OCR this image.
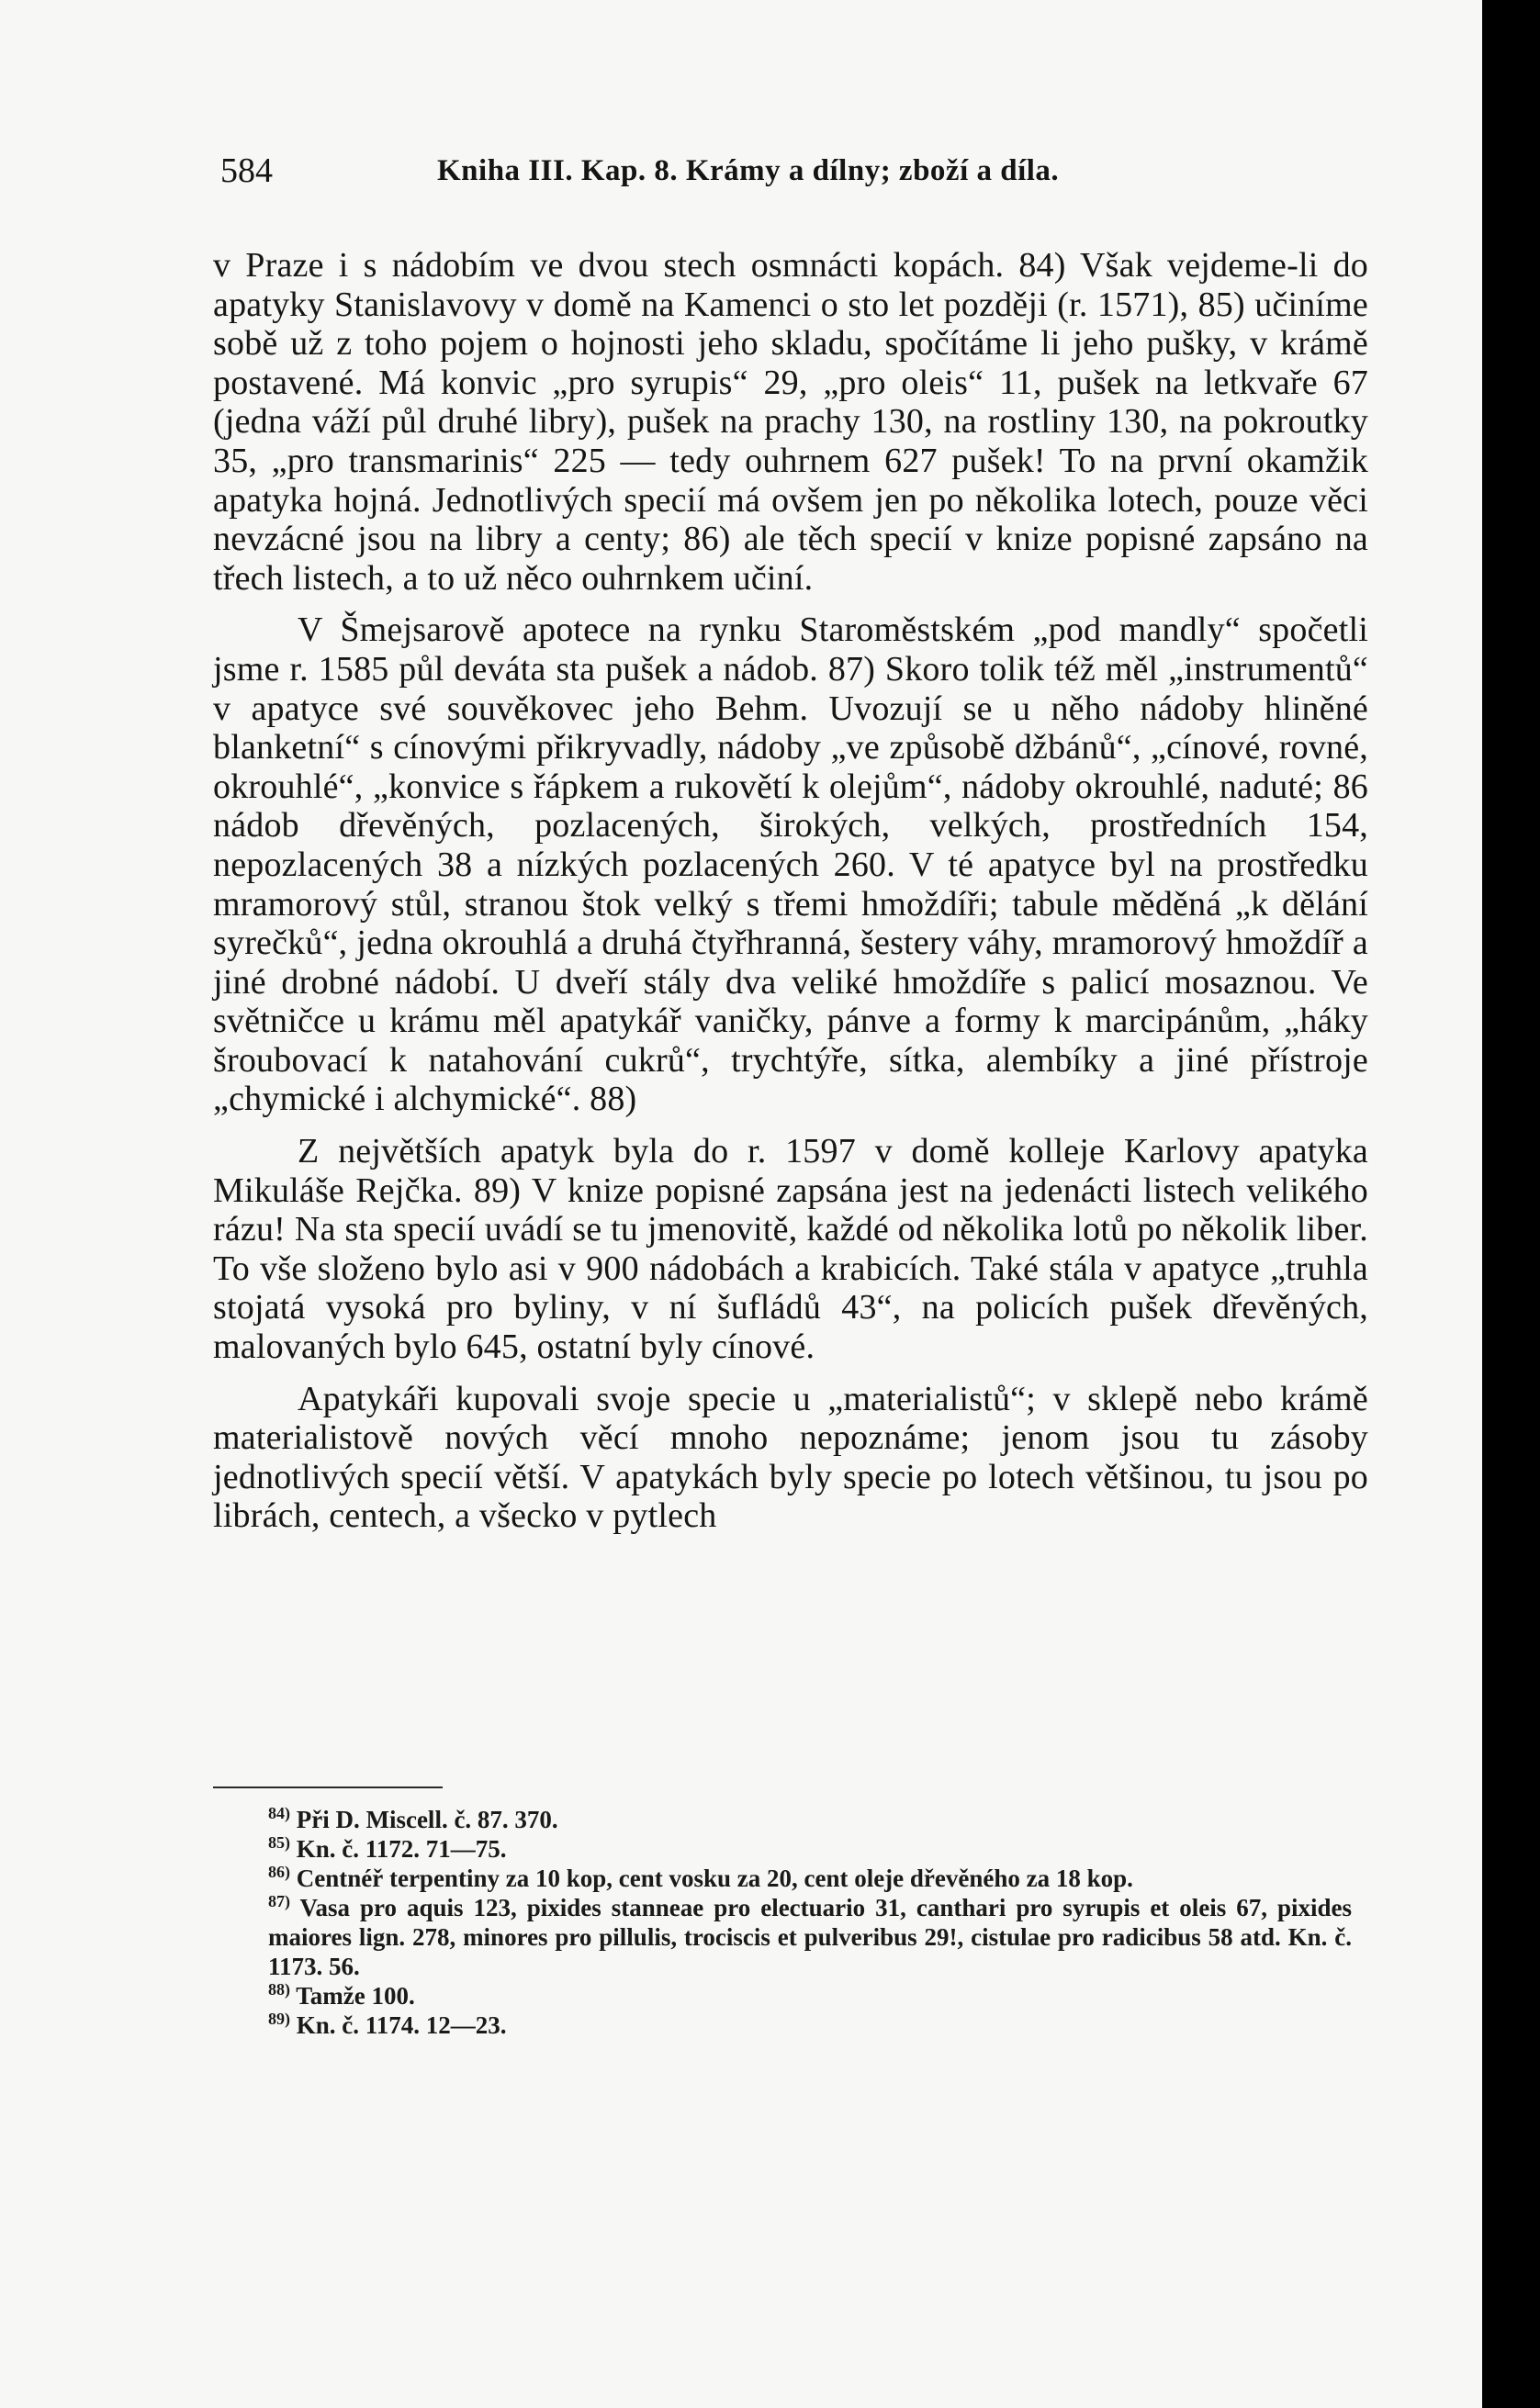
584	Kniha III. Kap. 8. Krámy a dílny; zboží a díla.

v Praze i s nádobím ve dvou stech osmnácti kopách. 84) Však vejdeme-li do apatyky Stanislavovy v domě na Kamenci o sto let později (r. 1571), 85) učiníme sobě už z toho pojem o hojnosti jeho skladu, spočítáme li jeho pušky, v krámě postavené. Má konvic „pro syrupis“ 29, „pro oleis“ 11, pušek na letkvaře 67 (jedna váží půl druhé libry), pušek na prachy 130, na rostliny 130, na pokroutky 35, „pro transmarinis“ 225 — tedy ouhrnem 627 pušek! To na první okamžik apatyka hojná. Jednotlivých specií má ovšem jen po několika lotech, pouze věci nevzácné jsou na libry a centy; 86) ale těch specií v knize popisné zapsáno na třech listech, a to už něco ouhrnkem učiní.

V Šmejsarově apotece na rynku Staroměstském „pod mandly“ spočetli jsme r. 1585 půl deváta sta pušek a nádob. 87) Skoro tolik též měl „instrumentů“ v apatyce své souvěkovec jeho Behm. Uvozují se u něho nádoby hliněné blanketní“ s cínovými přikryvadly, nádoby „ve způsobě džbánů“, „cínové, rovné, okrouhlé“, „konvice s řápkem a rukovětí k olejům“, nádoby okrouhlé, naduté; 86 nádob dřevěných, pozlacených, širokých, velkých, prostředních 154, nepozlacených 38 a nízkých pozlacených 260. V té apatyce byl na prostředku mramorový stůl, stranou štok velký s třemi hmoždíři; tabule měděná „k dělání syrečků“, jedna okrouhlá a druhá čtyřhranná, šestery váhy, mramorový hmoždíř a jiné drobné nádobí. U dveří stály dva veliké hmoždíře s palicí mosaznou. Ve světničce u krámu měl apatykář vaničky, pánve a formy k marcipánům, „háky šroubovací k natahování cukrů“, trychtýře, sítka, alembíky a jiné přístroje „chymické i alchymické“. 88)

Z největších apatyk byla do r. 1597 v domě kolleje Karlovy apatyka Mikuláše Rejčka. 89) V knize popisné zapsána jest na jedenácti listech velikého rázu! Na sta specií uvádí se tu jmenovitě, každé od několika lotů po několik liber. To vše složeno bylo asi v 900 nádobách a krabicích. Také stála v apatyce „truhla stojatá vysoká pro byliny, v ní šufládů 43“, na policích pušek dřevěných, malovaných bylo 645, ostatní byly cínové.

Apatykáři kupovali svoje specie u „materialistů“; v sklepě nebo krámě materialistově nových věcí mnoho nepoznáme; jenom jsou tu zásoby jednotlivých specií větší. V apatykách byly specie po lotech většinou, tu jsou po librách, centech, a všecko v pytlech

$^{84)}$ Při D. Miscell. č. 87. 370.

$^{85)}$ Kn. č. 1172. 71—75.

$^{86)}$ Centnéř terpentiny za 10 kop, cent vosku za 20, cent oleje dřevěného za 18 kop.

$^{87)}$ Vasa pro aquis 123, pixides stanneae pro electuario 31, canthari pro syrupis et oleis 67, pixides maiores lign. 278, minores pro pillulis, trociscis et pulveribus 29!, cistulae pro radicibus 58 atd. Kn. č. 1173. 56.

$^{88)}$ Tamže 100.

$^{89)}$ Kn. č. 1174. 12—23.
